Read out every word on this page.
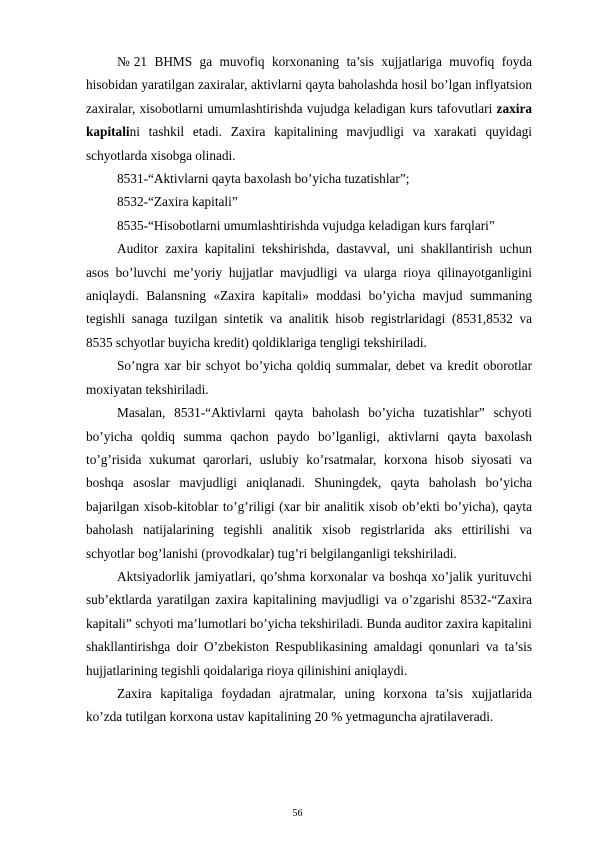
№21 BHMS ga muvofiq korxonaning ta’sis xujjatlariga muvofiq foyda hisobidan yaratilgan zaxiralar, aktivlarni qayta baholashda hosil bo’lgan inflyatsion zaxiralar, xisobotlarni umumlashtirishda vujudga keladigan kurs tafovutlari zaxira kapitalini tashkil etadi. Zaxira kapitalining mavjudligi va xarakati quyidagi schyotlarda xisobga olinadi.

8531-“Aktivlarni qayta baxolash bo’yicha tuzatishlar”;

8532-“Zaxira kapitali”

8535-“Hisobotlarni umumlashtirishda vujudga keladigan kurs farqlari”

Auditor zaxira kapitalini tekshirishda, dastavval, uni shakllantirish uchun asos bo’luvchi me’yoriy hujjatlar mavjudligi va ularga rioya qilinayotganligini aniqlaydi. Balansning «Zaxira kapitali» moddasi bo’yicha mavjud summaning tegishli sanaga tuzilgan sintetik va analitik hisob registrlaridagi (8531,8532 va 8535 schyotlar buyicha kredit) qoldiklariga tengligi tekshiriladi.

So’ngra xar bir schyot bo’yicha qoldiq summalar, debet va kredit oborotlar moxiyatan tekshiriladi.

Masalan, 8531-“Aktivlarni qayta baholash bo’yicha tuzatishlar” schyoti bo’yicha qoldiq summa qachon paydo bo’lganligi, aktivlarni qayta baxolash to’g’risida xukumat qarorlari, uslubiy ko’rsatmalar, korxona hisob siyosati va boshqa asoslar mavjudligi aniqlanadi. Shuningdek, qayta baholash bo’yicha bajarilgan xisob-kitoblar to’g’riligi (xar bir analitik xisob ob’ekti bo’yicha), qayta baholash natijalarining tegishli analitik xisob registrlarida aks ettirilishi va schyotlar bog’lanishi (provodkalar) tug’ri belgilanganligi tekshiriladi.

Aktsiyadorlik jamiyatlari, qo’shma korxonalar va boshqa xo’jalik yurituvchi sub’ektlarda yaratilgan zaxira kapitalining mavjudligi va o’zgarishi 8532-“Zaxira kapitali” schyoti ma’lumotlari bo’yicha tekshiriladi. Bunda auditor zaxira kapitalini shakllantirishga doir O’zbekiston Respublikasining amaldagi qonunlari va ta’sis hujjatlarining tegishli qoidalariga rioya qilinishini aniqlaydi.

Zaxira kapitaliga foydadan ajratmalar, uning korxona ta’sis xujjatlarida ko’zda tutilgan korxona ustav kapitalining 20 % yetmaguncha ajratilaveradi.

56
